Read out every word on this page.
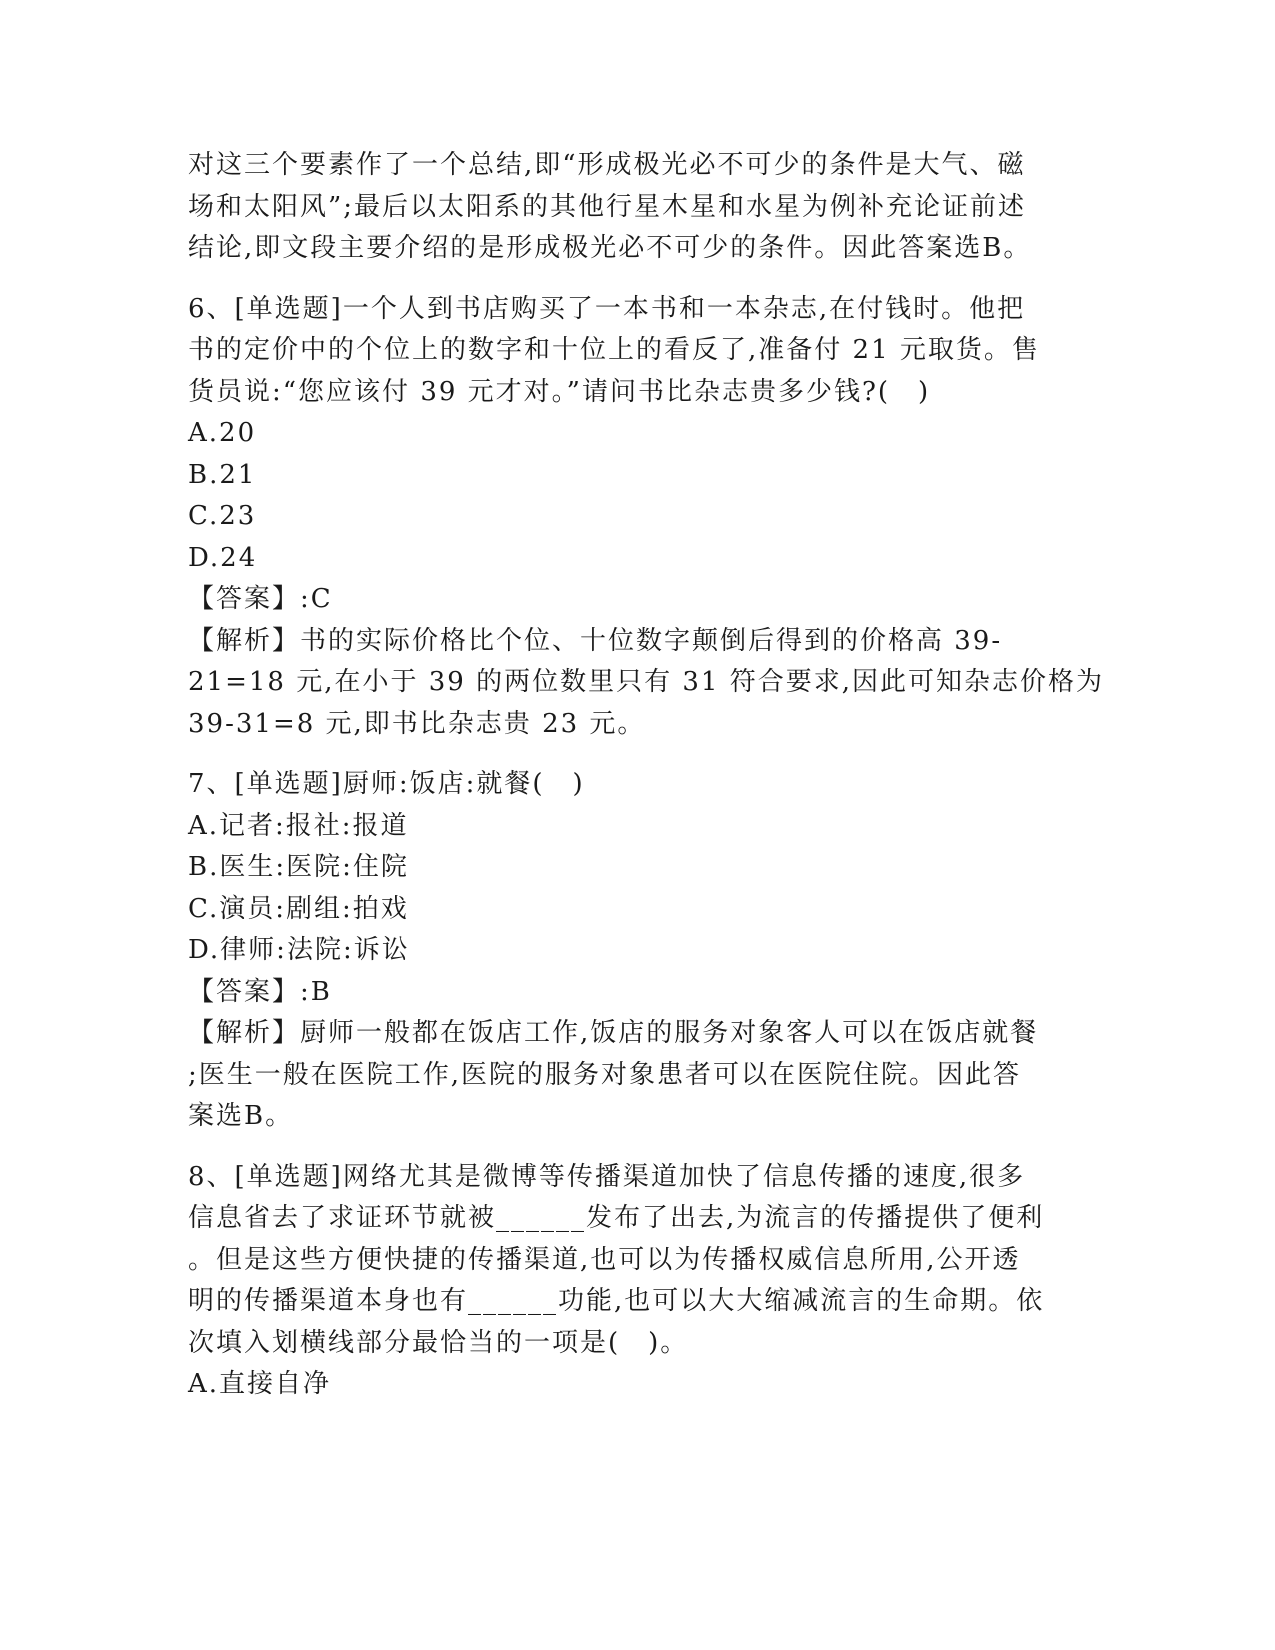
对这三个要素作了一个总结,即“形成极光必不可少的条件是大气、磁
场和太阳风”;最后以太阳系的其他行星木星和水星为例补充论证前述
结论,即文段主要介绍的是形成极光必不可少的条件。因此答案选B。
6、[单选题]一个人到书店购买了一本书和一本杂志,在付钱时。他把
书的定价中的个位上的数字和十位上的看反了,准备付 21 元取货。售
货员说:“您应该付 39 元才对。”请问书比杂志贵多少钱?(　)
A.20
B.21
C.23
D.24
【答案】:C
【解析】书的实际价格比个位、十位数字颠倒后得到的价格高 39-
21=18 元,在小于 39 的两位数里只有 31 符合要求,因此可知杂志价格为
39-31=8 元,即书比杂志贵 23 元。
7、[单选题]厨师:饭店:就餐(　)
A.记者:报社:报道
B.医生:医院:住院
C.演员:剧组:拍戏
D.律师:法院:诉讼
【答案】:B
【解析】厨师一般都在饭店工作,饭店的服务对象客人可以在饭店就餐
;医生一般在医院工作,医院的服务对象患者可以在医院住院。因此答
案选B。
8、[单选题]网络尤其是微博等传播渠道加快了信息传播的速度,很多
信息省去了求证环节就被______发布了出去,为流言的传播提供了便利
。但是这些方便快捷的传播渠道,也可以为传播权威信息所用,公开透
明的传播渠道本身也有______功能,也可以大大缩减流言的生命期。依
次填入划横线部分最恰当的一项是(　)。
A.直接自净
